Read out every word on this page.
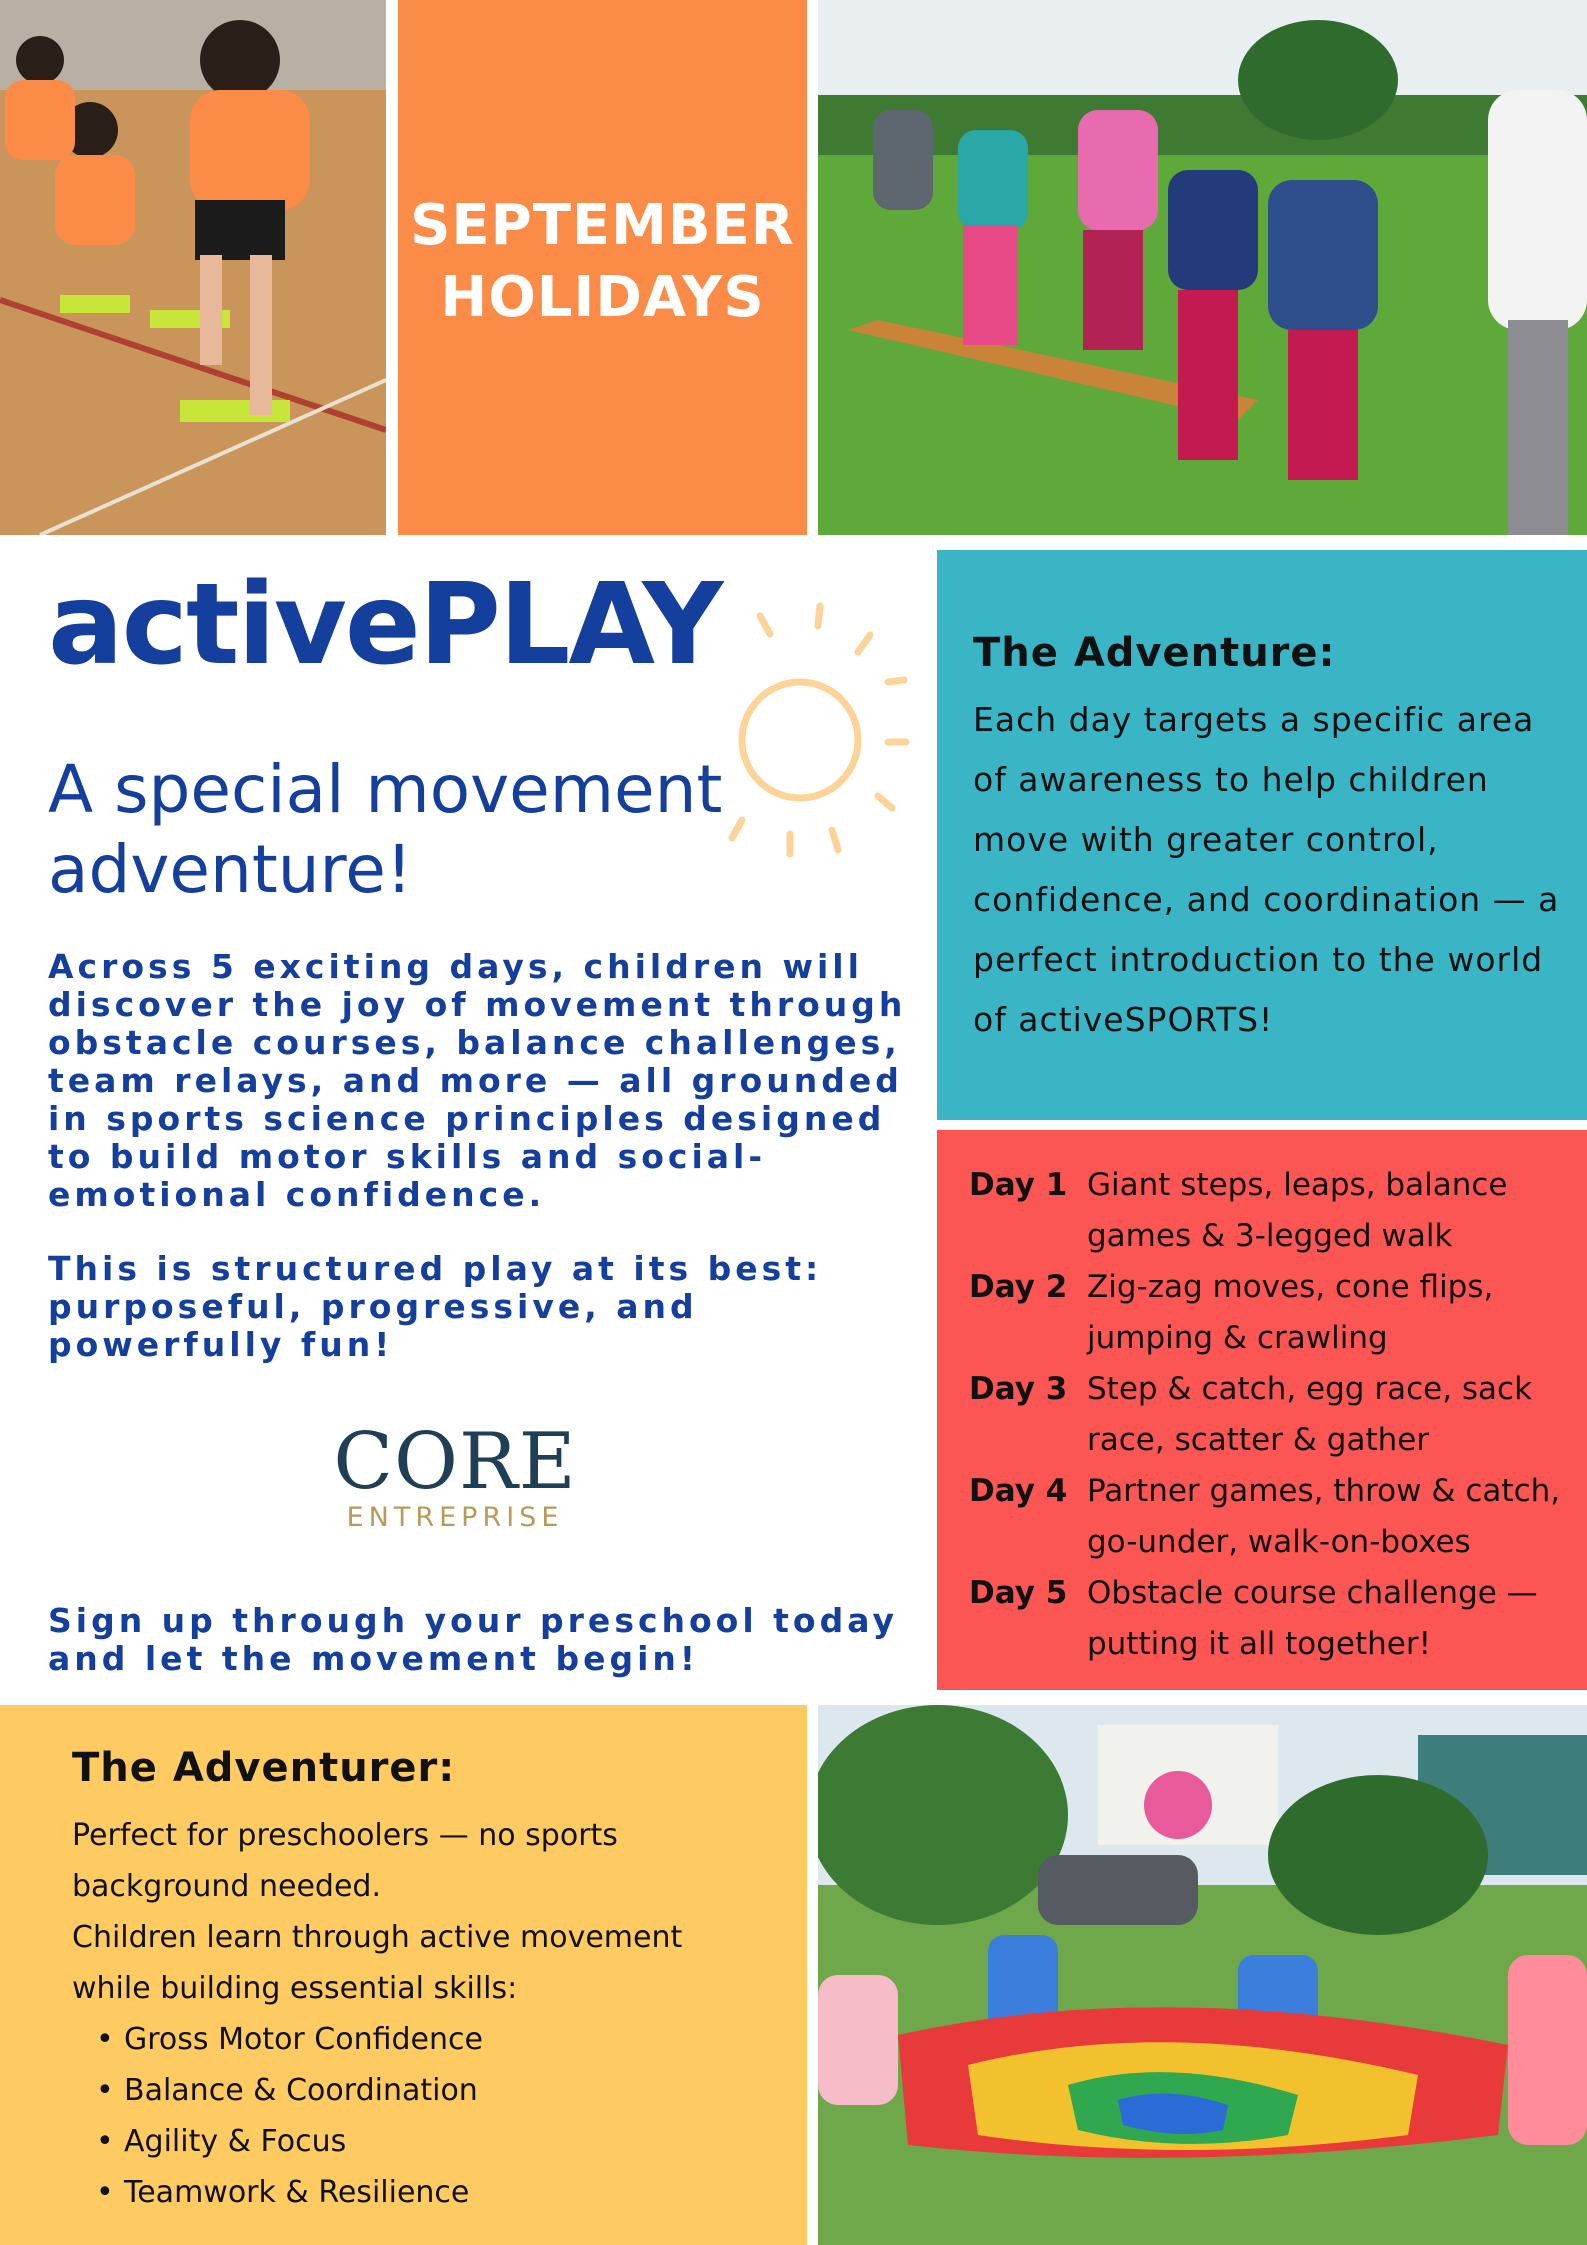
SEPTEMBER
HOLIDAYS
activePLAY
A special movement adventure!
Across 5 exciting days, children will discover the joy of movement through obstacle courses, balance challenges, team relays, and more — all grounded in sports science principles designed to build motor skills and social-emotional confidence.
This is structured play at its best: purposeful, progressive, and powerfully fun!
CORE
ENTREPRISE
Sign up through your preschool today and let the movement begin!
The Adventure:
Each day targets a specific area of awareness to help children move with greater control, confidence, and coordination — a perfect introduction to the world of activeSPORTS!
Day 1 Giant steps, leaps, balance games & 3-legged walk
Day 2 Zig-zag moves, cone flips, jumping & crawling
Day 3 Step & catch, egg race, sack race, scatter & gather
Day 4 Partner games, throw & catch, go-under, walk-on-boxes
Day 5 Obstacle course challenge — putting it all together!
The Adventurer:
Perfect for preschoolers — no sports
background needed.
Children learn through active movement
while building essential skills:
• Gross Motor Confidence
• Balance & Coordination
• Agility & Focus
• Teamwork & Resilience
